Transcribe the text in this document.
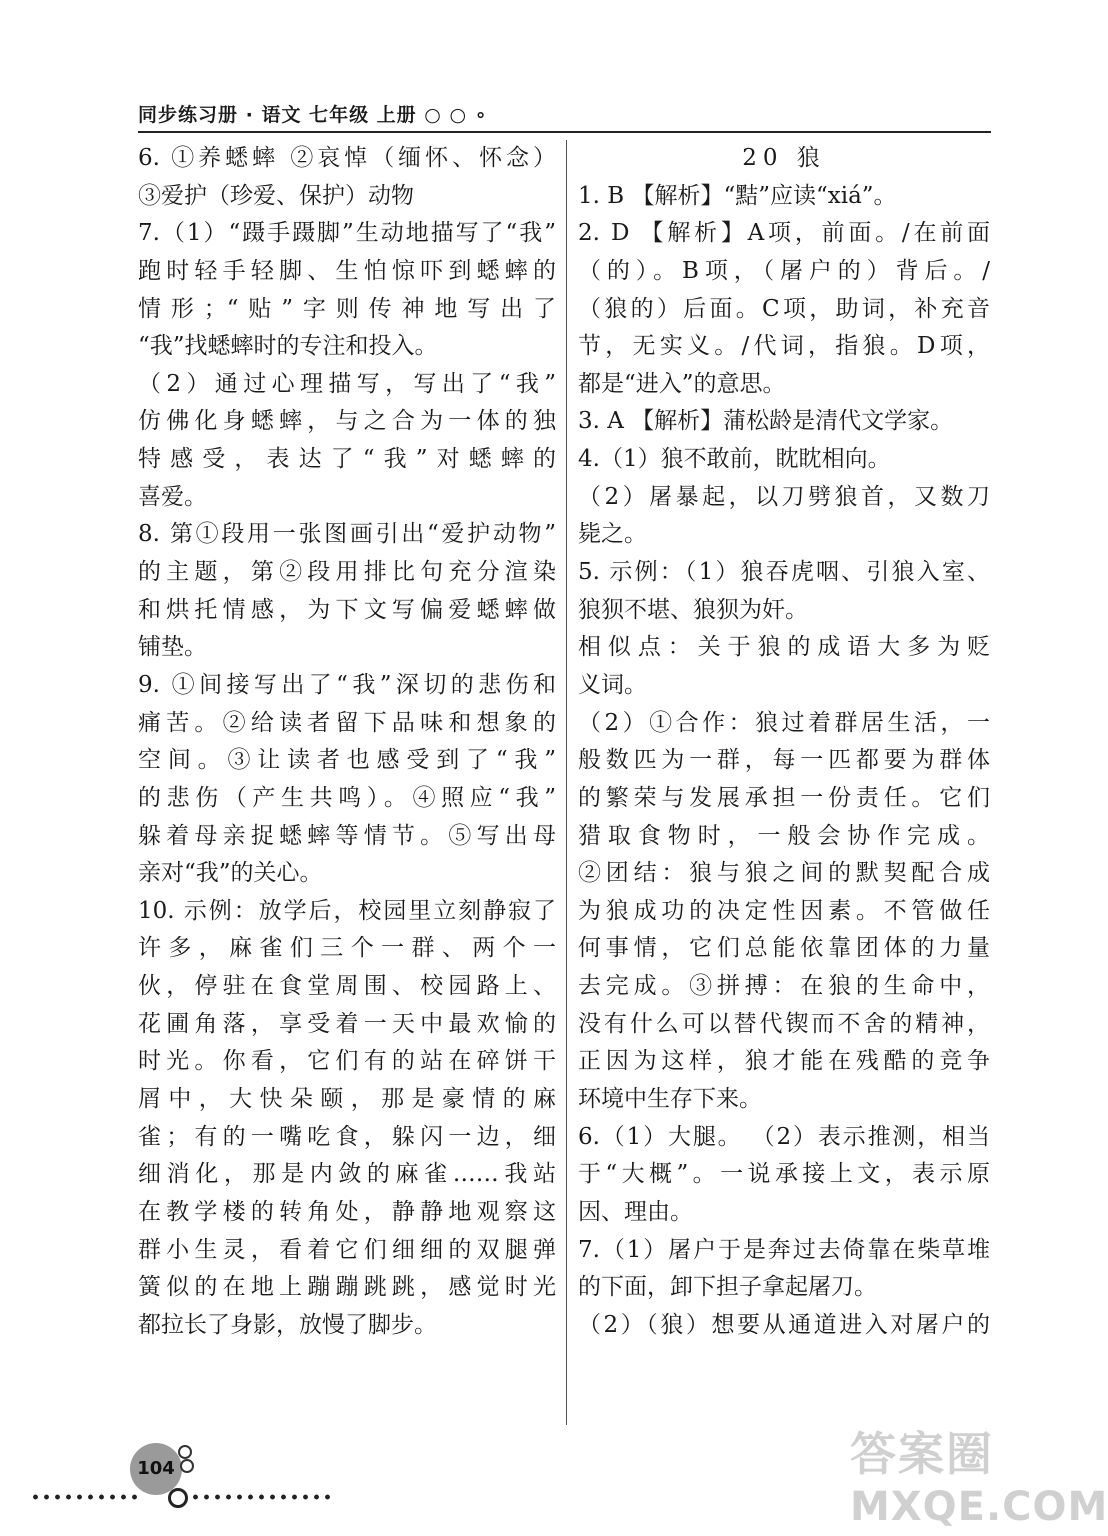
同步练习册 · 语文 七年级 上册 ○ ○ ∘
6. ①养蟋蟀 ②哀悼（缅怀、怀念）
③爱护（珍爱、保护）动物
7.（1）“蹑手蹑脚”生动地描写了“我”
跑时轻手轻脚、生怕惊吓到蟋蟀的
情形；“贴”字则传神地写出了
“我”找蟋蟀时的专注和投入。
（2）通过心理描写，写出了“我”
仿佛化身蟋蟀，与之合为一体的独
特感受，表达了“我”对蟋蟀的
喜爱。
8. 第①段用一张图画引出“爱护动物”
的主题，第②段用排比句充分渲染
和烘托情感，为下文写偏爱蟋蟀做
铺垫。
9. ①间接写出了“我”深切的悲伤和
痛苦。②给读者留下品味和想象的
空间。③让读者也感受到了“我”
的悲伤（产生共鸣）。④照应“我”
躲着母亲捉蟋蟀等情节。⑤写出母
亲对“我”的关心。
10. 示例：放学后，校园里立刻静寂了
许多，麻雀们三个一群、两个一
伙，停驻在食堂周围、校园路上、
花圃角落，享受着一天中最欢愉的
时光。你看，它们有的站在碎饼干
屑中，大快朵颐，那是豪情的麻
雀；有的一嘴吃食，躲闪一边，细
细消化，那是内敛的麻雀……我站
在教学楼的转角处，静静地观察这
群小生灵，看着它们细细的双腿弹
簧似的在地上蹦蹦跳跳，感觉时光
都拉长了身影，放慢了脚步。
20 狼
1. B 【解析】“黠”应读“xiá”。
2. D 【解析】A项，前面。/在前面
（的）。B项，（屠户的）背后。/
（狼的）后面。C项，助词，补充音
节，无实义。/代词，指狼。D项，
都是“进入”的意思。
3. A 【解析】蒲松龄是清代文学家。
4.（1）狼不敢前，眈眈相向。
（2）屠暴起，以刀劈狼首，又数刀
毙之。
5. 示例：（1）狼吞虎咽、引狼入室、
狼狈不堪、狼狈为奸。
相似点：关于狼的成语大多为贬
义词。
（2）①合作：狼过着群居生活，一
般数匹为一群，每一匹都要为群体
的繁荣与发展承担一份责任。它们
猎取食物时，一般会协作完成。
②团结：狼与狼之间的默契配合成
为狼成功的决定性因素。不管做任
何事情，它们总能依靠团体的力量
去完成。③拼搏：在狼的生命中，
没有什么可以替代锲而不舍的精神，
正因为这样，狼才能在残酷的竞争
环境中生存下来。
6.（1）大腿。 （2）表示推测，相当
于“大概”。一说承接上文，表示原
因、理由。
7.（1）屠户于是奔过去倚靠在柴草堆
的下面，卸下担子拿起屠刀。
（2）（狼）想要从通道进入对屠户的
104	答案圈
MXQE.COM
